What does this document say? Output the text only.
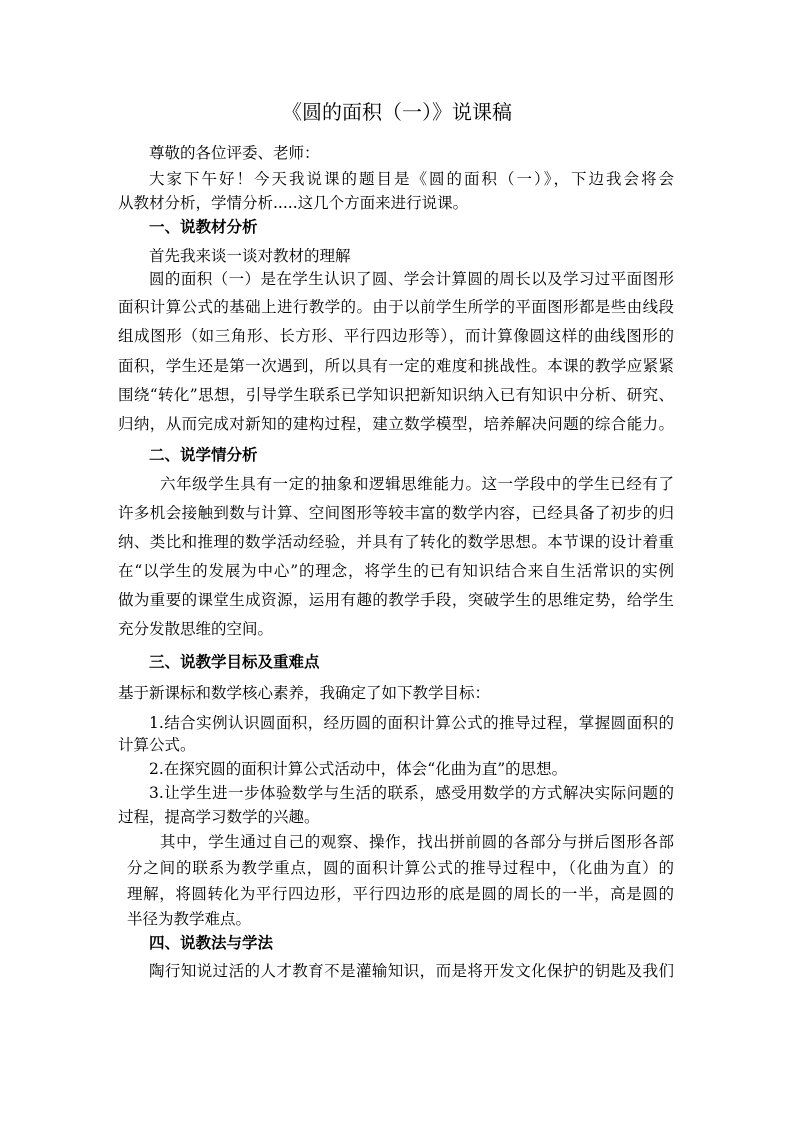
《圆的面积（一）》说课稿
尊敬的各位评委、老师：
大家下午好！今天我说课的题目是《圆的面积（一）》，下边我会将会
从教材分析，学情分析.....这几个方面来进行说课。
一、说教材分析
首先我来谈一谈对教材的理解
圆的面积（一）是在学生认识了圆、学会计算圆的周长以及学习过平面图形
面积计算公式的基础上进行教学的。由于以前学生所学的平面图形都是些由线段
组成图形（如三角形、长方形、平行四边形等），而计算像圆这样的曲线图形的
面积，学生还是第一次遇到，所以具有一定的难度和挑战性。本课的教学应紧紧
围绕“转化”思想，引导学生联系已学知识把新知识纳入已有知识中分析、研究、
归纳，从而完成对新知的建构过程，建立数学模型，培养解决问题的综合能力。
二、说学情分析
六年级学生具有一定的抽象和逻辑思维能力。这一学段中的学生已经有了
许多机会接触到数与计算、空间图形等较丰富的数学内容，已经具备了初步的归
纳、类比和推理的数学活动经验，并具有了转化的数学思想。本节课的设计着重
在“以学生的发展为中心”的理念，将学生的已有知识结合来自生活常识的实例
做为重要的课堂生成资源，运用有趣的教学手段，突破学生的思维定势，给学生
充分发散思维的空间。
三、说教学目标及重难点
基于新课标和数学核心素养，我确定了如下教学目标：
1.结合实例认识圆面积，经历圆的面积计算公式的推导过程，掌握圆面积的
计算公式。
2.在探究圆的面积计算公式活动中，体会“化曲为直”的思想。
3.让学生进一步体验数学与生活的联系，感受用数学的方式解决实际问题的
过程，提高学习数学的兴趣。
其中，学生通过自己的观察、操作，找出拼前圆的各部分与拼后图形各部
分之间的联系为教学重点，圆的面积计算公式的推导过程中，（化曲为直）的
理解，将圆转化为平行四边形，平行四边形的底是圆的周长的一半，高是圆的
半径为教学难点。
四、说教法与学法
陶行知说过活的人才教育不是灌输知识，而是将开发文化保护的钥匙及我们
